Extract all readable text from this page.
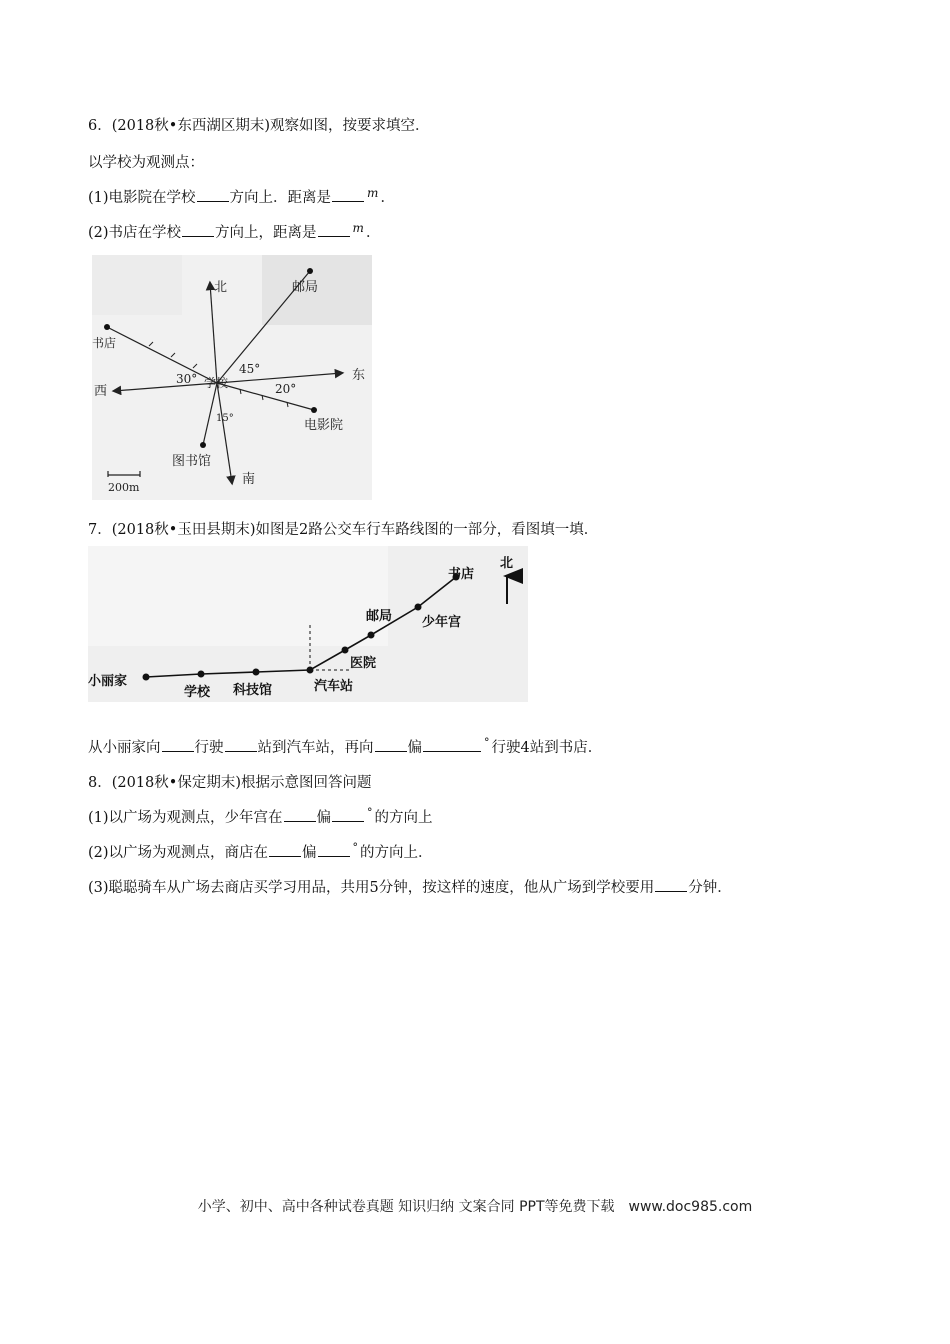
6．(2018秋•东西湖区期末)观察如图，按要求填空．
以学校为观测点：
(1)电影院在学校 方向上．距离是	$^m$ ．
(2)书店在学校 方向上，距离是	$^m$ ．
北
南
东
西
学校
邮局
书店
电影院
图书馆
45°
30°
20°
15°
200m
7．(2018秋•玉田县期末)如图是2路公交车行车路线图的一部分，看图填一填．
小丽家
学校 科技馆	汽车站
医院
邮局 少年宫
书店
北
从小丽家向 行驶 站到汽车站，再向 偏	° 行驶4站到书店．
8．(2018秋•保定期末)根据示意图回答问题
(1)以广场为观测点，少年宫在 偏	° 的方向上
(2)以广场为观测点，商店在 偏	° 的方向上．
(3)聪聪骑车从广场去商店买学习用品，共用5分钟，按这样的速度，他从广场到学校要用 分钟．
小学、初中、高中各种试卷真题 知识归纳 文案合同 PPT等免费下载　www.doc985.com
